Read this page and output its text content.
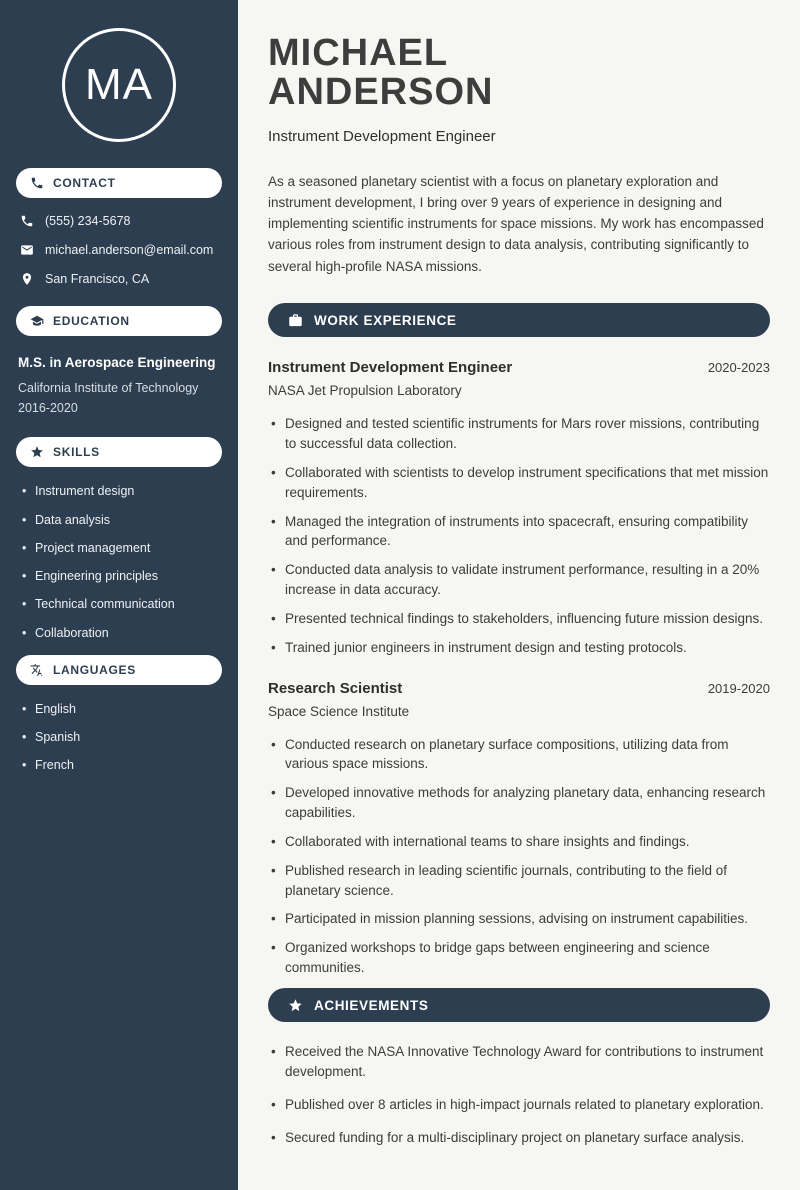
MA
CONTACT
(555) 234-5678
michael.anderson@email.com
San Francisco, CA
EDUCATION
M.S. in Aerospace Engineering
California Institute of Technology
2016-2020
SKILLS
• Instrument design
• Data analysis
• Project management
• Engineering principles
• Technical communication
• Collaboration
LANGUAGES
• English
• Spanish
• French
MICHAEL
ANDERSON
Instrument Development Engineer

As a seasoned planetary scientist with a focus on planetary exploration and instrument development, I bring over 9 years of experience in designing and implementing scientific instruments for space missions. My work has encompassed various roles from instrument design to data analysis, contributing significantly to several high-profile NASA missions.

WORK EXPERIENCE
Instrument Development Engineer	2020-2023
NASA Jet Propulsion Laboratory
• Designed and tested scientific instruments for Mars rover missions, contributing to successful data collection.
• Collaborated with scientists to develop instrument specifications that met mission requirements.
• Managed the integration of instruments into spacecraft, ensuring compatibility and performance.
• Conducted data analysis to validate instrument performance, resulting in a 20% increase in data accuracy.
• Presented technical findings to stakeholders, influencing future mission designs.
• Trained junior engineers in instrument design and testing protocols.
Research Scientist	2019-2020
Space Science Institute
• Conducted research on planetary surface compositions, utilizing data from various space missions.
• Developed innovative methods for analyzing planetary data, enhancing research capabilities.
• Collaborated with international teams to share insights and findings.
• Published research in leading scientific journals, contributing to the field of planetary science.
• Participated in mission planning sessions, advising on instrument capabilities.
• Organized workshops to bridge gaps between engineering and science communities.
ACHIEVEMENTS
• Received the NASA Innovative Technology Award for contributions to instrument development.
• Published over 8 articles in high-impact journals related to planetary exploration.
• Secured funding for a multi-disciplinary project on planetary surface analysis.
